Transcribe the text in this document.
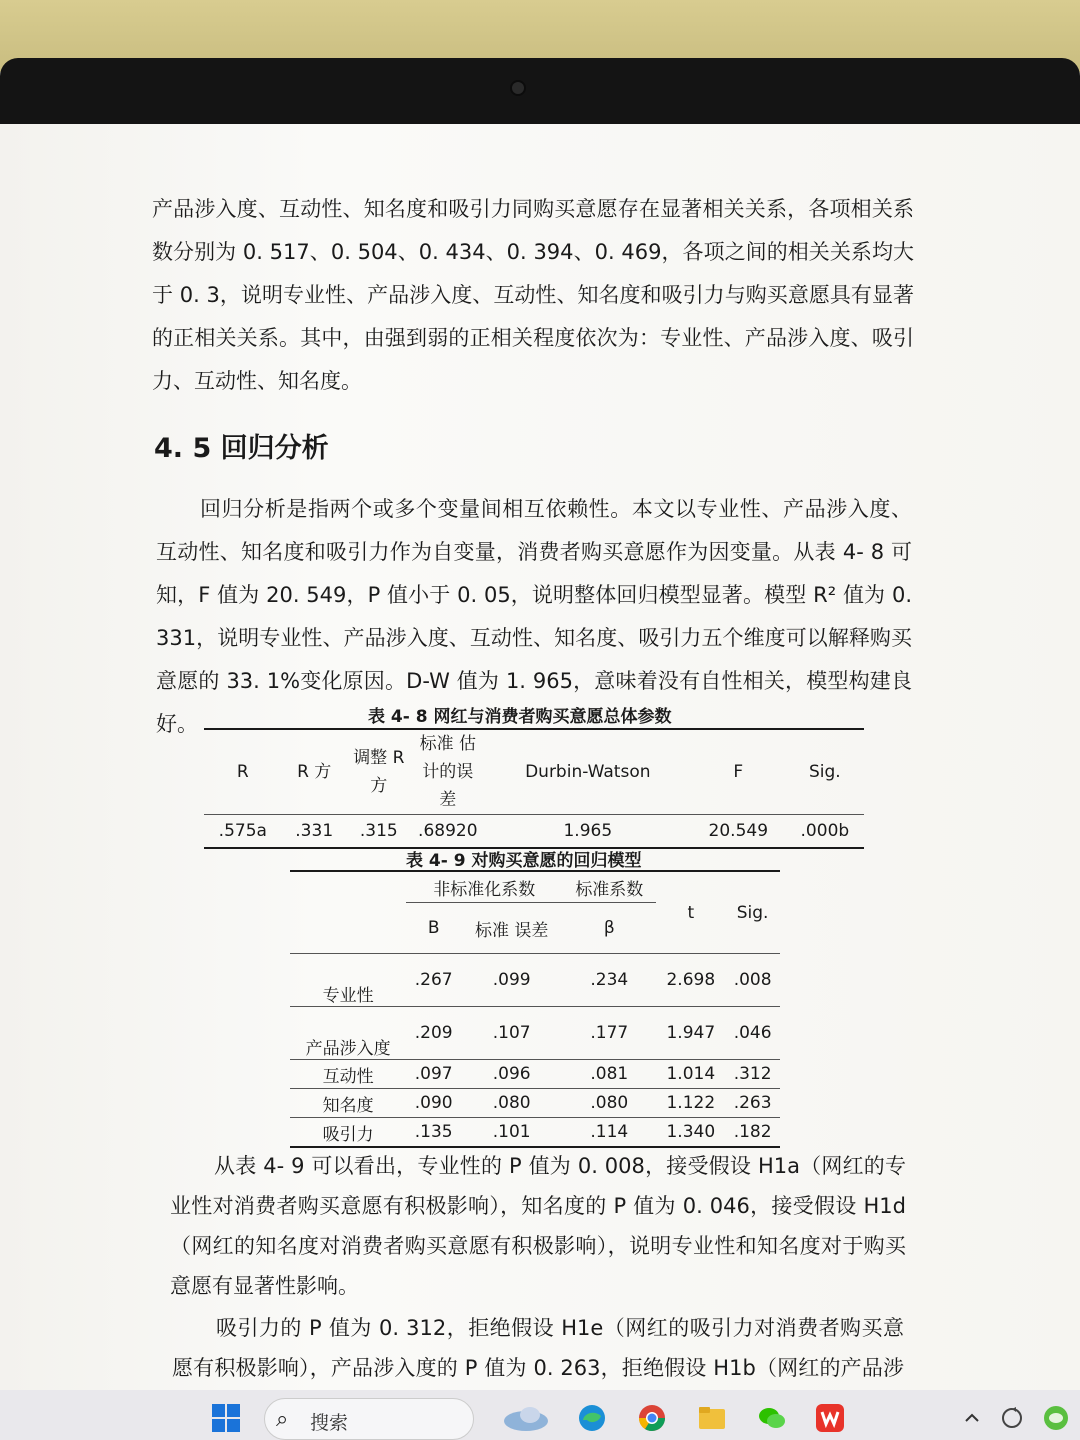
产品涉入度、互动性、知名度和吸引力同购买意愿存在显著相关关系，各项相关系数分别为 0. 517、0. 504、0. 434、0. 394、0. 469，各项之间的相关关系均大于 0. 3，说明专业性、产品涉入度、互动性、知名度和吸引力与购买意愿具有显著的正相关关系。其中，由强到弱的正相关程度依次为：专业性、产品涉入度、吸引力、互动性、知名度。

4. 5 回归分析

回归分析是指两个或多个变量间相互依赖性。本文以专业性、产品涉入度、互动性、知名度和吸引力作为自变量，消费者购买意愿作为因变量。从表 4- 8 可知，F 值为 20. 549，P 值小于 0. 05，说明整体回归模型显著。模型 R² 值为 0. 331，说明专业性、产品涉入度、互动性、知名度、吸引力五个维度可以解释购买意愿的 33. 1%变化原因。D-W 值为 1. 965，意味着没有自性相关，模型构建良好。	表 4- 8 网红与消费者购买意愿总体参数

R	R 方	调整 R 方	标准 估计的误差	Durbin-Watson	F	Sig.
.575a	.331	.315	.68920	1.965	20.549	.000b

表 4- 9 对购买意愿的回归模型

	非标准化系数		标准系数	t	Sig.
	B	标准 误差	β		
专业性	.267	.099	.234	2.698	.008
产品涉入度	.209	.107	.177	1.947	.046
互动性	.097	.096	.081	1.014	.312
知名度	.090	.080	.080	1.122	.263
吸引力	.135	.101	.114	1.340	.182

从表 4- 9 可以看出，专业性的 P 值为 0. 008，接受假设 H1a（网红的专业性对消费者购买意愿有积极影响），知名度的 P 值为 0. 046，接受假设 H1d（网红的知名度对消费者购买意愿有积极影响），说明专业性和知名度对于购买意愿有显著性影响。

吸引力的 P 值为 0. 312，拒绝假设 H1e（网红的吸引力对消费者购买意愿有积极影响），产品涉入度的 P 值为 0. 263，拒绝假设 H1b（网红的产品涉

⌕ 搜索
